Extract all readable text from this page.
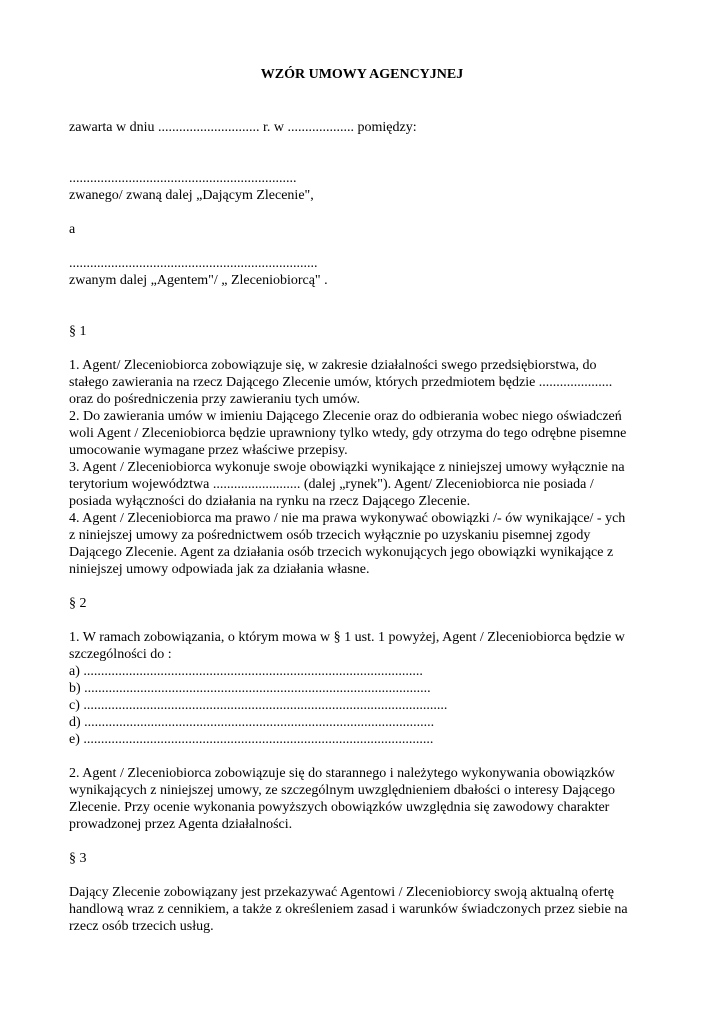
WZÓR UMOWY AGENCYJNEJ
zawarta w dniu ............................. r. w ................... pomiędzy:
.................................................................
zwanego/ zwaną dalej „Dającym Zlecenie",
a
.......................................................................
zwanym dalej „Agentem"/ „ Zleceniobiorcą" .
§ 1
1. Agent/ Zleceniobiorca zobowiązuje się, w zakresie działalności swego przedsiębiorstwa, do
stałego zawierania na rzecz Dającego Zlecenie umów, których przedmiotem będzie .....................
oraz do pośredniczenia przy zawieraniu tych umów.
2. Do zawierania umów w imieniu Dającego Zlecenie oraz do odbierania wobec niego oświadczeń
woli Agent / Zleceniobiorca będzie uprawniony tylko wtedy, gdy otrzyma do tego odrębne pisemne
umocowanie wymagane przez właściwe przepisy.
3. Agent / Zleceniobiorca wykonuje swoje obowiązki wynikające z niniejszej umowy wyłącznie na
terytorium województwa ......................... (dalej „rynek"). Agent/ Zleceniobiorca nie posiada /
posiada wyłączności do działania na rynku na rzecz Dającego Zlecenie.
4. Agent / Zleceniobiorca ma prawo / nie ma prawa wykonywać obowiązki /- ów wynikające/ - ych
z niniejszej umowy za pośrednictwem osób trzecich wyłącznie po uzyskaniu pisemnej zgody
Dającego Zlecenie. Agent za działania osób trzecich wykonujących jego obowiązki wynikające z
niniejszej umowy odpowiada jak za działania własne.
§ 2
1. W ramach zobowiązania, o którym mowa w § 1 ust. 1 powyżej, Agent / Zleceniobiorca będzie w
szczególności do :
a) .................................................................................................
b) ...................................................................................................
c) ........................................................................................................
d) ....................................................................................................
e) ....................................................................................................
2. Agent / Zleceniobiorca zobowiązuje się do starannego i należytego wykonywania obowiązków
wynikających z niniejszej umowy, ze szczególnym uwzględnieniem dbałości o interesy Dającego
Zlecenie. Przy ocenie wykonania powyższych obowiązków uwzględnia się zawodowy charakter
prowadzonej przez Agenta działalności.
§ 3
Dający Zlecenie zobowiązany jest przekazywać Agentowi / Zleceniobiorcy swoją aktualną ofertę
handlową wraz z cennikiem, a także z określeniem zasad i warunków świadczonych przez siebie na
rzecz osób trzecich usług.
